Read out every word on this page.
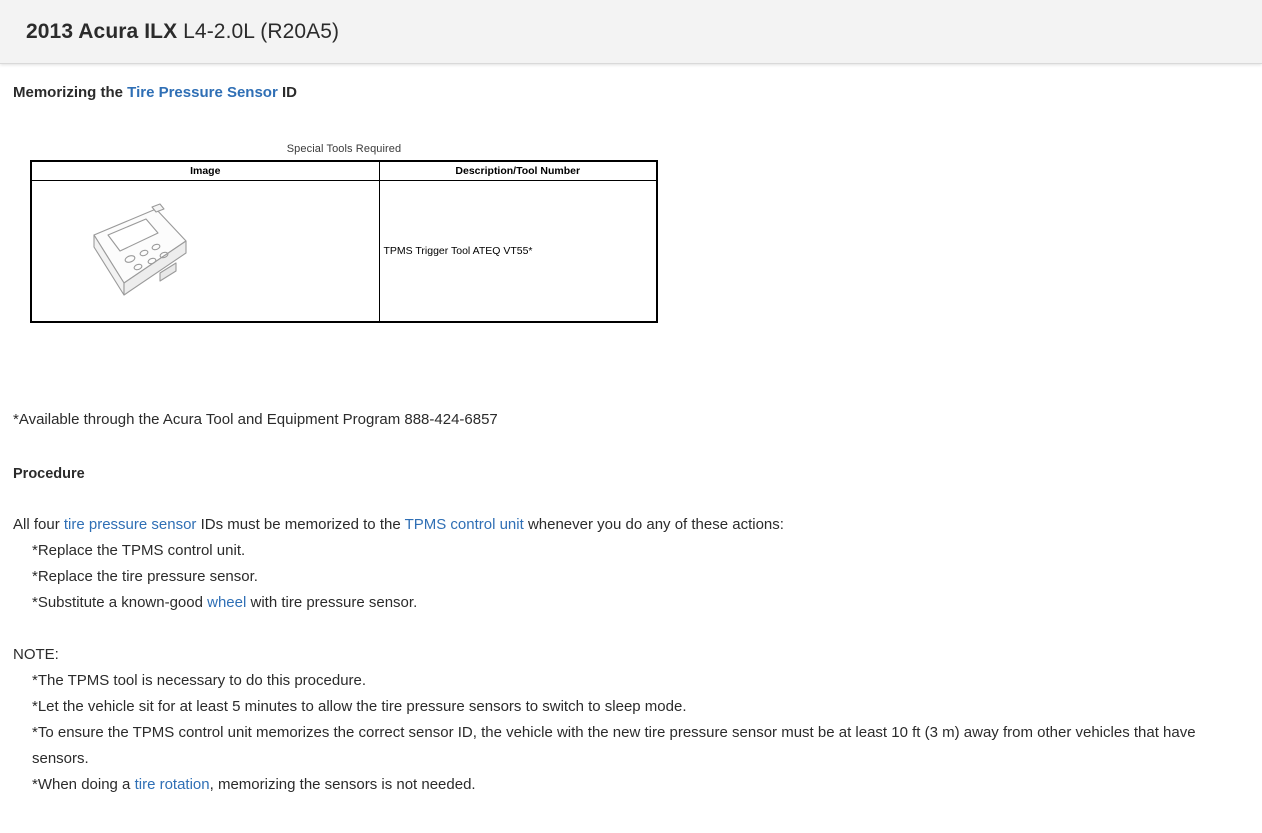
2013 Acura ILX L4-2.0L (R20A5)
Memorizing the Tire Pressure Sensor ID
Special Tools Required
Image	Description/Tool Number
	TPMS Trigger Tool ATEQ VT55*

*Available through the Acura Tool and Equipment Program 888-424-6857

Procedure

All four tire pressure sensor IDs must be memorized to the TPMS control unit whenever you do any of these actions:

*Replace the TPMS control unit.

*Replace the tire pressure sensor.

*Substitute a known-good wheel with tire pressure sensor.

NOTE:

*The TPMS tool is necessary to do this procedure.

*Let the vehicle sit for at least 5 minutes to allow the tire pressure sensors to switch to sleep mode.

*To ensure the TPMS control unit memorizes the correct sensor ID, the vehicle with the new tire pressure sensor must be at least 10 ft (3 m) away from other vehicles that have sensors.

*When doing a tire rotation, memorizing the sensors is not needed.
